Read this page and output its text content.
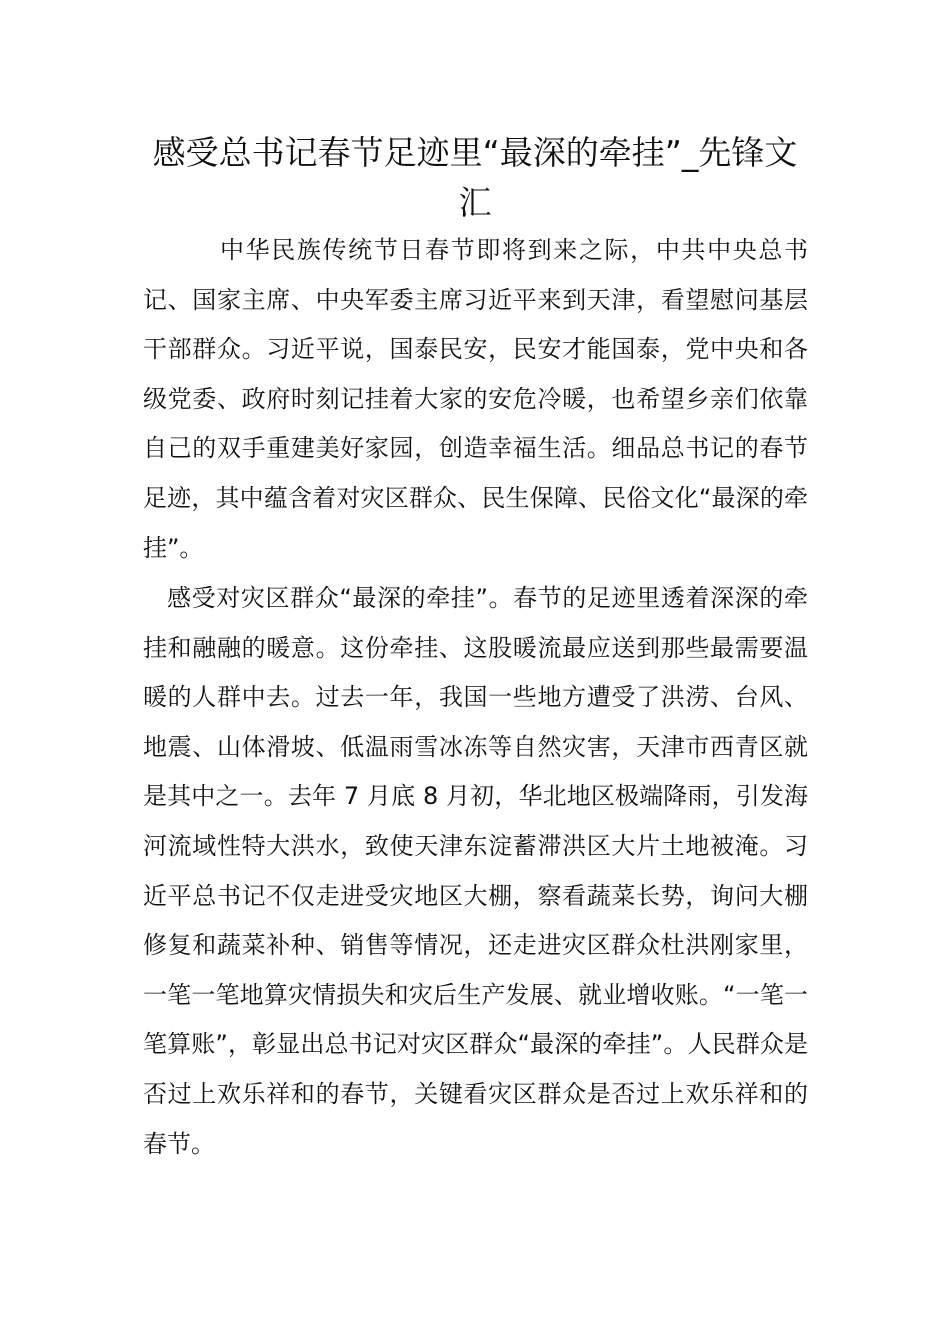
感受总书记春节足迹里“最深的牵挂”_先锋文汇

中华民族传统节日春节即将到来之际，中共中央总书记、国家主席、中央军委主席习近平来到天津，看望慰问基层干部群众。习近平说，国泰民安，民安才能国泰，党中央和各级党委、政府时刻记挂着大家的安危冷暖，也希望乡亲们依靠自己的双手重建美好家园，创造幸福生活。细品总书记的春节足迹，其中蕴含着对灾区群众、民生保障、民俗文化“最深的牵挂”。

感受对灾区群众“最深的牵挂”。春节的足迹里透着深深的牵挂和融融的暖意。这份牵挂、这股暖流最应送到那些最需要温暖的人群中去。过去一年，我国一些地方遭受了洪涝、台风、地震、山体滑坡、低温雨雪冰冻等自然灾害，天津市西青区就是其中之一。去年 7 月底 8 月初，华北地区极端降雨，引发海河流域性特大洪水，致使天津东淀蓄滞洪区大片土地被淹。习近平总书记不仅走进受灾地区大棚，察看蔬菜长势，询问大棚修复和蔬菜补种、销售等情况，还走进灾区群众杜洪刚家里，一笔一笔地算灾情损失和灾后生产发展、就业增收账。“一笔一笔算账”，彰显出总书记对灾区群众“最深的牵挂”。人民群众是否过上欢乐祥和的春节，关键看灾区群众是否过上欢乐祥和的春节。
